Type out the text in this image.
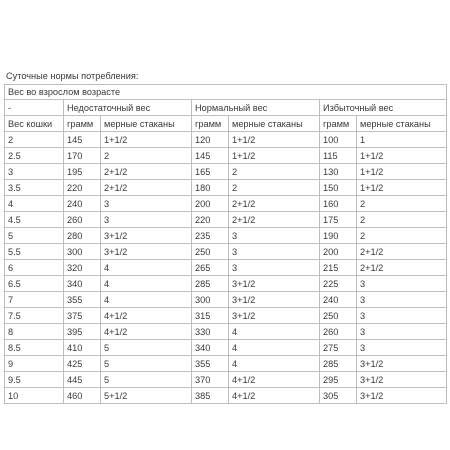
Суточные нормы потребления:
Вес во взрослом возрасте						
-	Недостаточный вес		Нормальный вес		Избыточный вес	
Вес кошки	грамм	мерные стаканы	грамм	мерные стаканы	грамм	мерные стаканы
2	145	1+1/2	120	1+1/2	100	1
2.5	170	2	145	1+1/2	115	1+1/2
3	195	2+1/2	165	2	130	1+1/2
3.5	220	2+1/2	180	2	150	1+1/2
4	240	3	200	2+1/2	160	2
4.5	260	3	220	2+1/2	175	2
5	280	3+1/2	235	3	190	2
5.5	300	3+1/2	250	3	200	2+1/2
6	320	4	265	3	215	2+1/2
6.5	340	4	285	3+1/2	225	3
7	355	4	300	3+1/2	240	3
7.5	375	4+1/2	315	3+1/2	250	3
8	395	4+1/2	330	4	260	3
8.5	410	5	340	4	275	3
9	425	5	355	4	285	3+1/2
9.5	445	5	370	4+1/2	295	3+1/2
10	460	5+1/2	385	4+1/2	305	3+1/2
